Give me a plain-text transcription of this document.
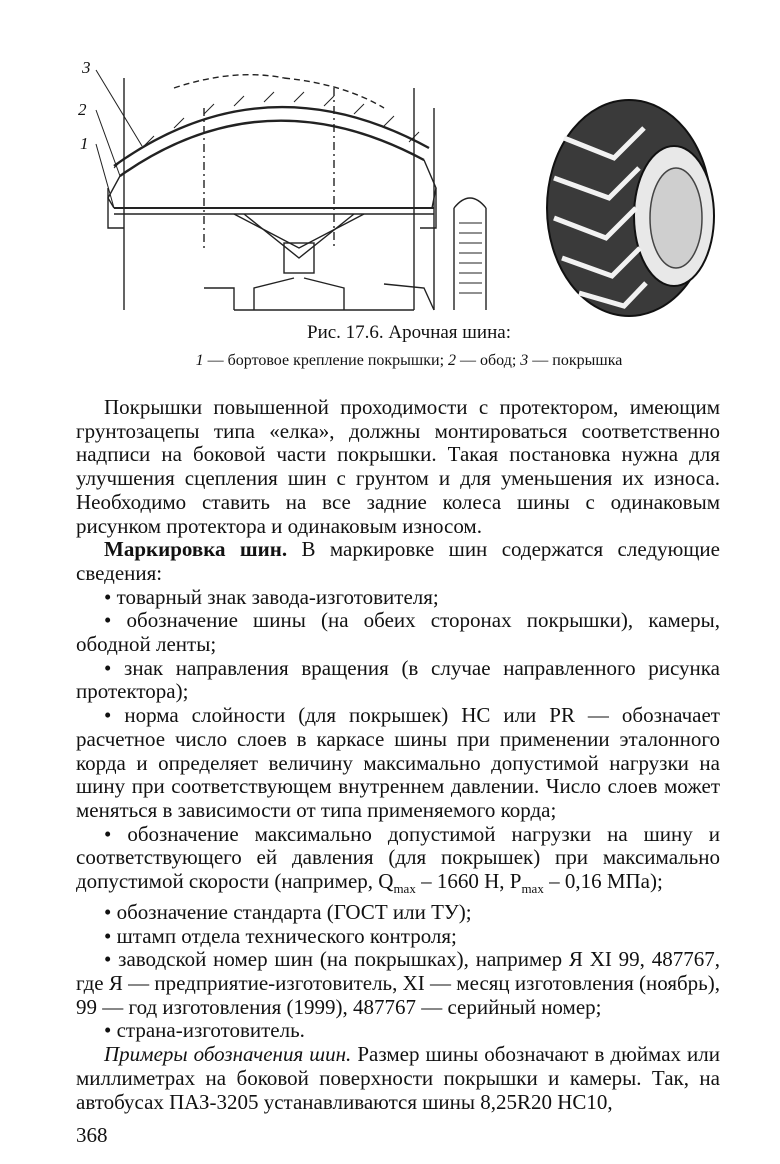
3
2
1
Рис. 17.6. Арочная шина:
1 — бортовое крепление покрышки; 2 — обод; 3 — покрышка

Покрышки повышенной проходимости с протектором, имеющим грунтозацепы типа «елка», должны монтироваться соответственно надписи на боковой части покрышки. Такая постановка нужна для улучшения сцепления шин с грунтом и для уменьшения их износа. Необходимо ставить на все задние колеса шины с одинаковым рисунком протектора и одинаковым износом.

Маркировка шин. В маркировке шин содержатся следующие сведения:

• товарный знак завода-изготовителя;

• обозначение шины (на обеих сторонах покрышки), камеры, ободной ленты;

• знак направления вращения (в случае направленного рисунка протектора);

• норма слойности (для покрышек) НС или PR — обозначает расчетное число слоев в каркасе шины при применении эталонного корда и определяет величину максимально допустимой нагрузки на шину при соответствующем внутреннем давлении. Число слоев может меняться в зависимости от типа применяемого корда;

• обозначение максимально допустимой нагрузки на шину и соответствующего ей давления (для покрышек) при максимально допустимой скорости (например, $Q_{max} - 1660$ Н, $P_{max} - 0,16$ МПа);

• обозначение стандарта (ГОСТ или ТУ);

• штамп отдела технического контроля;

• заводской номер шин (на покрышках), например Я XI 99, 487767, где Я — предприятие-изготовитель, XI — месяц изготовления (ноябрь), 99 — год изготовления (1999), 487767 — серийный номер;

• страна-изготовитель.

Примеры обозначения шин. Размер шины обозначают в дюймах или миллиметрах на боковой поверхности покрышки и камеры. Так, на автобусах ПАЗ-3205 устанавливаются шины 8,25R20 НС10,

368
